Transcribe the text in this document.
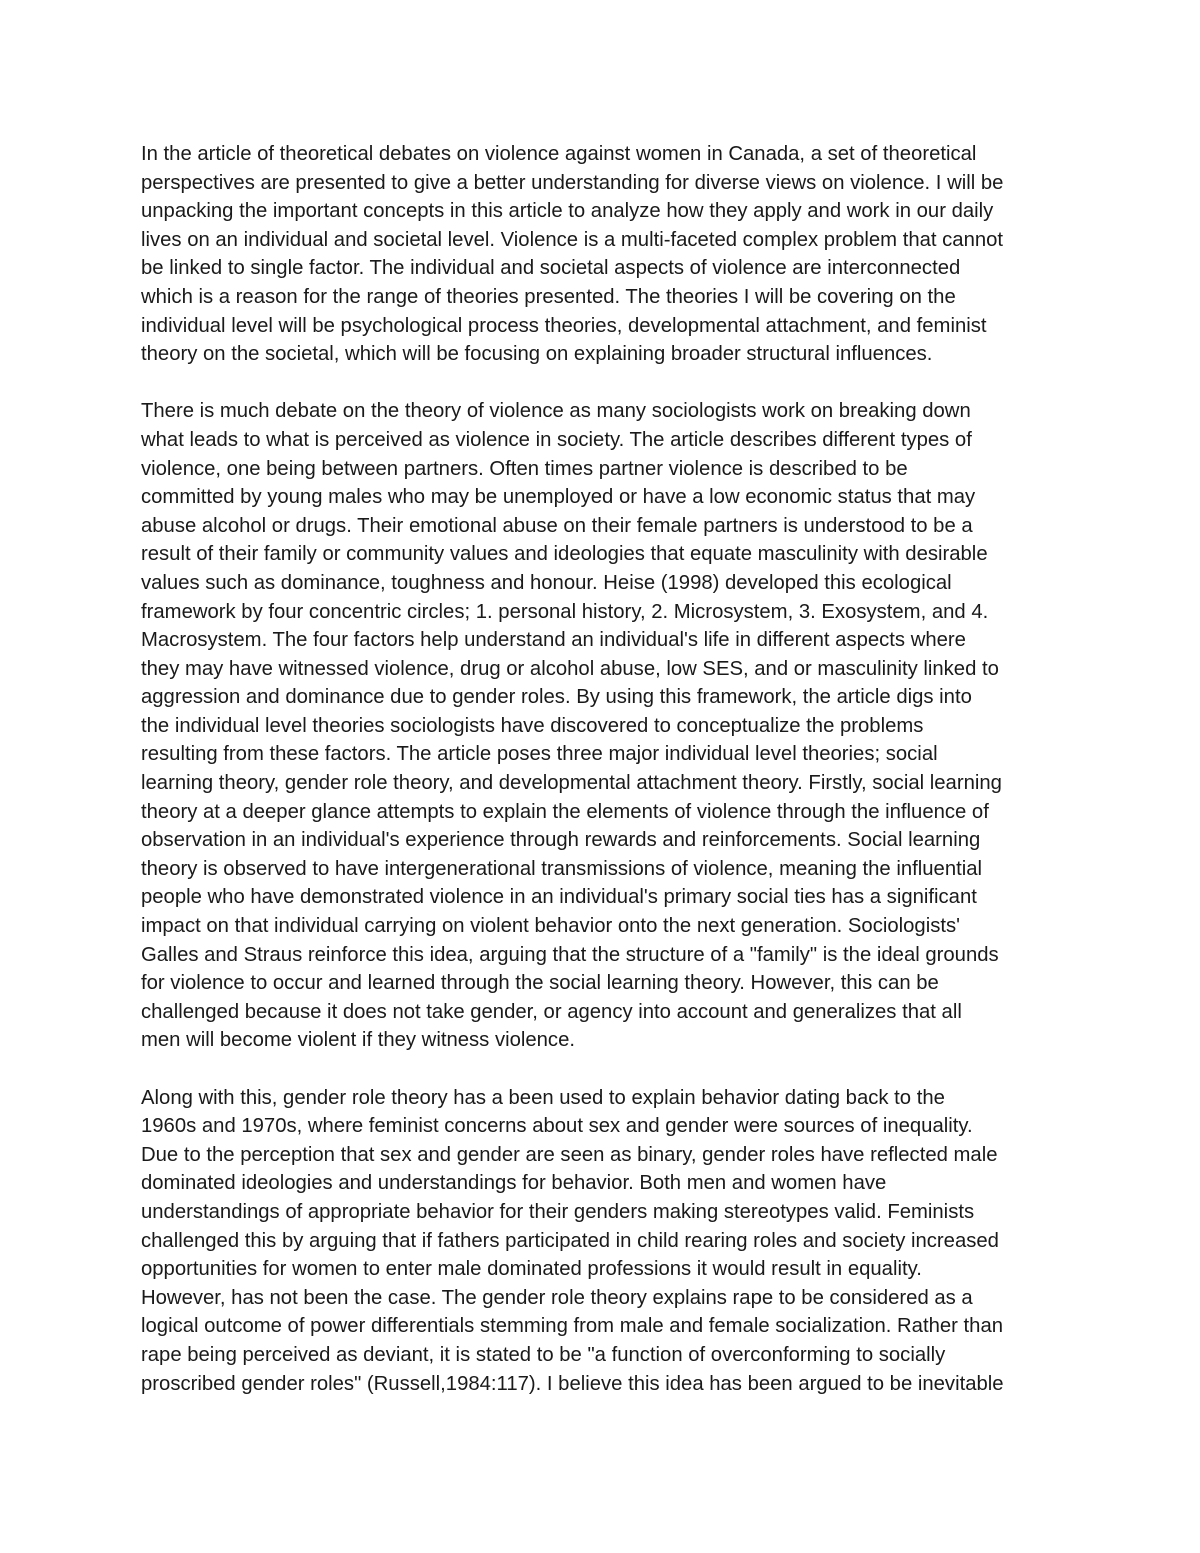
In the article of theoretical debates on violence against women in Canada, a set of theoretical
perspectives are presented to give a better understanding for diverse views on violence. I will be
unpacking the important concepts in this article to analyze how they apply and work in our daily
lives on an individual and societal level. Violence is a multi-faceted complex problem that cannot
be linked to single factor. The individual and societal aspects of violence are interconnected
which is a reason for the range of theories presented. The theories I will be covering on the
individual level will be psychological process theories, developmental attachment, and feminist
theory on the societal, which will be focusing on explaining broader structural influences.
There is much debate on the theory of violence as many sociologists work on breaking down
what leads to what is perceived as violence in society. The article describes different types of
violence, one being between partners. Often times partner violence is described to be
committed by young males who may be unemployed or have a low economic status that may
abuse alcohol or drugs. Their emotional abuse on their female partners is understood to be a
result of their family or community values and ideologies that equate masculinity with desirable
values such as dominance, toughness and honour. Heise (1998) developed this ecological
framework by four concentric circles; 1. personal history, 2. Microsystem, 3. Exosystem, and 4.
Macrosystem. The four factors help understand an individual's life in different aspects where
they may have witnessed violence, drug or alcohol abuse, low SES, and or masculinity linked to
aggression and dominance due to gender roles. By using this framework, the article digs into
the individual level theories sociologists have discovered to conceptualize the problems
resulting from these factors. The article poses three major individual level theories; social
learning theory, gender role theory, and developmental attachment theory. Firstly, social learning
theory at a deeper glance attempts to explain the elements of violence through the influence of
observation in an individual's experience through rewards and reinforcements. Social learning
theory is observed to have intergenerational transmissions of violence, meaning the influential
people who have demonstrated violence in an individual's primary social ties has a significant
impact on that individual carrying on violent behavior onto the next generation. Sociologists'
Galles and Straus reinforce this idea, arguing that the structure of a "family" is the ideal grounds
for violence to occur and learned through the social learning theory. However, this can be
challenged because it does not take gender, or agency into account and generalizes that all
men will become violent if they witness violence.
Along with this, gender role theory has a been used to explain behavior dating back to the
1960s and 1970s, where feminist concerns about sex and gender were sources of inequality.
Due to the perception that sex and gender are seen as binary, gender roles have reflected male
dominated ideologies and understandings for behavior. Both men and women have
understandings of appropriate behavior for their genders making stereotypes valid. Feminists
challenged this by arguing that if fathers participated in child rearing roles and society increased
opportunities for women to enter male dominated professions it would result in equality.
However, has not been the case. The gender role theory explains rape to be considered as a
logical outcome of power differentials stemming from male and female socialization. Rather than
rape being perceived as deviant, it is stated to be "a function of overconforming to socially
proscribed gender roles" (Russell,1984:117). I believe this idea has been argued to be inevitable
